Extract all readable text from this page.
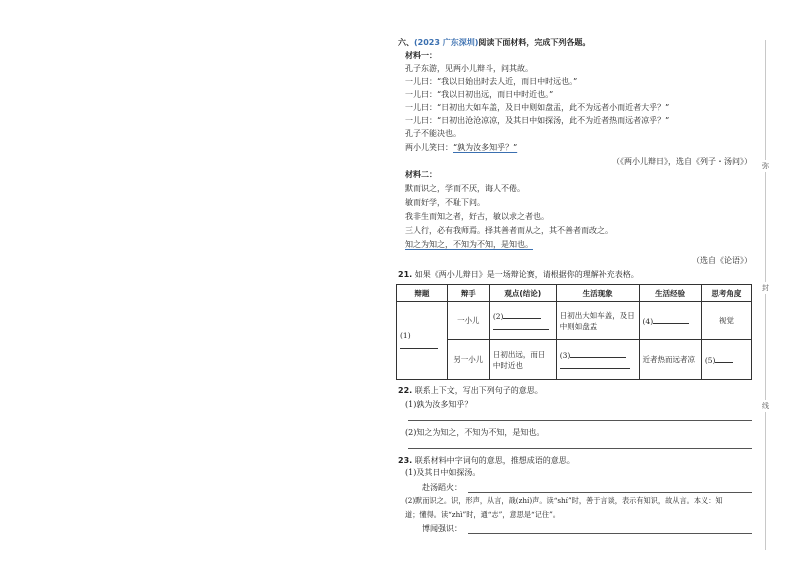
弥
封
线
六、(2023 广东深圳)阅读下面材料，完成下列各题。
材料一：
孔子东游，见两小儿辩斗，问其故。
一儿曰：“我以日始出时去人近，而日中时远也。”
一儿曰：“我以日初出远，而日中时近也。”
一儿曰：“日初出大如车盖，及日中则如盘盂，此不为远者小而近者大乎？”
一儿曰：“日初出沧沧凉凉，及其日中如探汤，此不为近者热而远者凉乎？”
孔子不能决也。
两小儿笑曰：“孰为汝多知乎？”
（《两小儿辩日》，选自《列子・汤问》）
材料二：
默而识之，学而不厌，诲人不倦。
敏而好学，不耻下问。
我非生而知之者，好古，敏以求之者也。
三人行，必有我师焉。择其善者而从之，其不善者而改之。
知之为知之，不知为不知，是知也。
（选自《论语》）
21. 如果《两小儿辩日》是一场辩论赛，请根据你的理解补充表格。
辩题	辩手	观点(结论)	生活现象	生活经验	思考角度
(1)	一小儿	(2)	日初出大如车盖，及日中则如盘盂	(4)	视觉
	另一小儿	日初出远，而日中时近也	(3)	近者热而远者凉	(5)
22. 联系上下文，写出下列句子的意思。
(1)孰为汝多知乎？
(2)知之为知之，不知为不知，是知也。
23. 联系材料中字词句的意思，推想成语的意思。
(1)及其日中如探汤。
赴汤蹈火：
(2)默而识之。识，形声，从言，戠(zhí)声。读“shí”时，善于言谈，表示有知识，故从言。本义：知
道；懂得。读“zhì”时，通“志”，意思是“记住”。
博闻强识：
